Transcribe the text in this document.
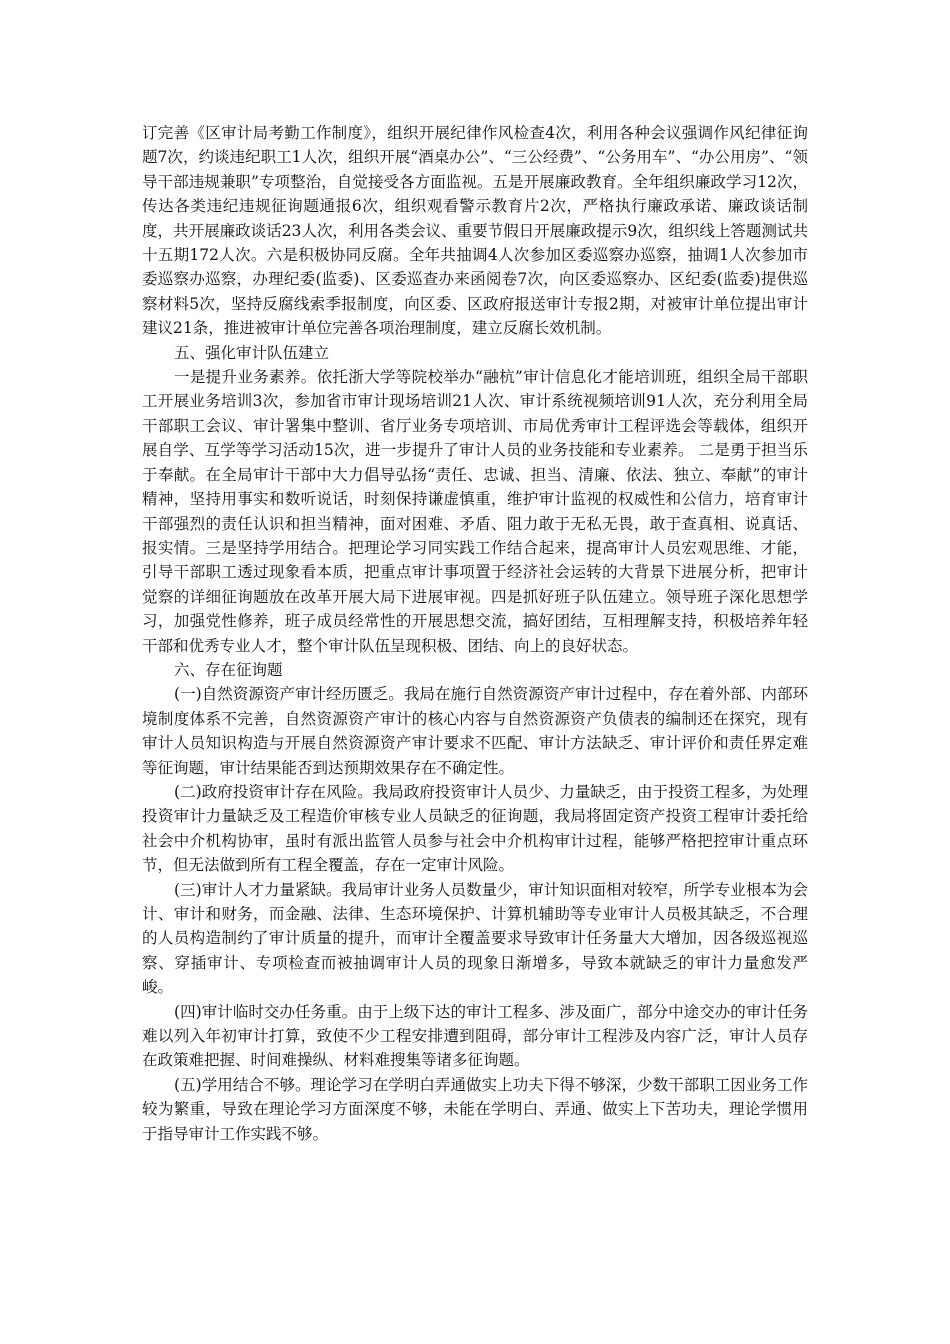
订完善《区审计局考勤工作制度》，组织开展纪律作风检查4次，利用各种会议强调作风纪律征询题7次，约谈违纪职工1人次，组织开展“酒桌办公”、“三公经费”、“公务用车”、“办公用房”、“领导干部违规兼职”专项整治，自觉接受各方面监视。五是开展廉政教育。全年组织廉政学习12次，传达各类违纪违规征询题通报6次，组织观看警示教育片2次，严格执行廉政承诺、廉政谈话制度，共开展廉政谈话23人次，利用各类会议、重要节假日开展廉政提示9次，组织线上答题测试共十五期172人次。六是积极协同反腐。全年共抽调4人次参加区委巡察办巡察，抽调1人次参加市委巡察办巡察，办理纪委(监委)、区委巡查办来函阅卷7次，向区委巡察办、区纪委(监委)提供巡察材料5次，坚持反腐线索季报制度，向区委、区政府报送审计专报2期，对被审计单位提出审计建议21条，推进被审计单位完善各项治理制度，建立反腐长效机制。

五、强化审计队伍建立

一是提升业务素养。依托浙大学等院校举办“融杭”审计信息化才能培训班，组织全局干部职工开展业务培训3次，参加省市审计现场培训21人次、审计系统视频培训91人次，充分利用全局干部职工会议、审计署集中整训、省厅业务专项培训、市局优秀审计工程评选会等载体，组织开展自学、互学等学习活动15次，进一步提升了审计人员的业务技能和专业素养。 二是勇于担当乐于奉献。在全局审计干部中大力倡导弘扬“责任、忠诚、担当、清廉、依法、独立、奉献”的审计精神，坚持用事实和数听说话，时刻保持谦虚慎重，维护审计监视的权威性和公信力，培育审计干部强烈的责任认识和担当精神，面对困难、矛盾、阻力敢于无私无畏，敢于查真相、说真话、报实情。三是坚持学用结合。把理论学习同实践工作结合起来，提高审计人员宏观思维、才能，引导干部职工透过现象看本质，把重点审计事项置于经济社会运转的大背景下进展分析，把审计觉察的详细征询题放在改革开展大局下进展审视。四是抓好班子队伍建立。领导班子深化思想学习，加强党性修养，班子成员经常性的开展思想交流，搞好团结，互相理解支持，积极培养年轻干部和优秀专业人才，整个审计队伍呈现积极、团结、向上的良好状态。

六、存在征询题

(一)自然资源资产审计经历匮乏。我局在施行自然资源资产审计过程中，存在着外部、内部环境制度体系不完善，自然资源资产审计的核心内容与自然资源资产负债表的编制还在探究，现有审计人员知识构造与开展自然资源资产审计要求不匹配、审计方法缺乏、审计评价和责任界定难等征询题，审计结果能否到达预期效果存在不确定性。

(二)政府投资审计存在风险。我局政府投资审计人员少、力量缺乏，由于投资工程多，为处理投资审计力量缺乏及工程造价审核专业人员缺乏的征询题，我局将固定资产投资工程审计委托给社会中介机构协审，虽时有派出监管人员参与社会中介机构审计过程，能够严格把控审计重点环节，但无法做到所有工程全覆盖，存在一定审计风险。

(三)审计人才力量紧缺。我局审计业务人员数量少，审计知识面相对较窄，所学专业根本为会计、审计和财务，而金融、法律、生态环境保护、计算机辅助等专业审计人员极其缺乏，不合理的人员构造制约了审计质量的提升，而审计全覆盖要求导致审计任务量大大增加，因各级巡视巡察、穿插审计、专项检查而被抽调审计人员的现象日渐增多，导致本就缺乏的审计力量愈发严峻。

(四)审计临时交办任务重。由于上级下达的审计工程多、涉及面广，部分中途交办的审计任务难以列入年初审计打算，致使不少工程安排遭到阻碍，部分审计工程涉及内容广泛，审计人员存在政策难把握、时间难操纵、材料难搜集等诸多征询题。

(五)学用结合不够。理论学习在学明白弄通做实上功夫下得不够深，少数干部职工因业务工作较为繁重，导致在理论学习方面深度不够，未能在学明白、弄通、做实上下苦功夫，理论学惯用于指导审计工作实践不够。
